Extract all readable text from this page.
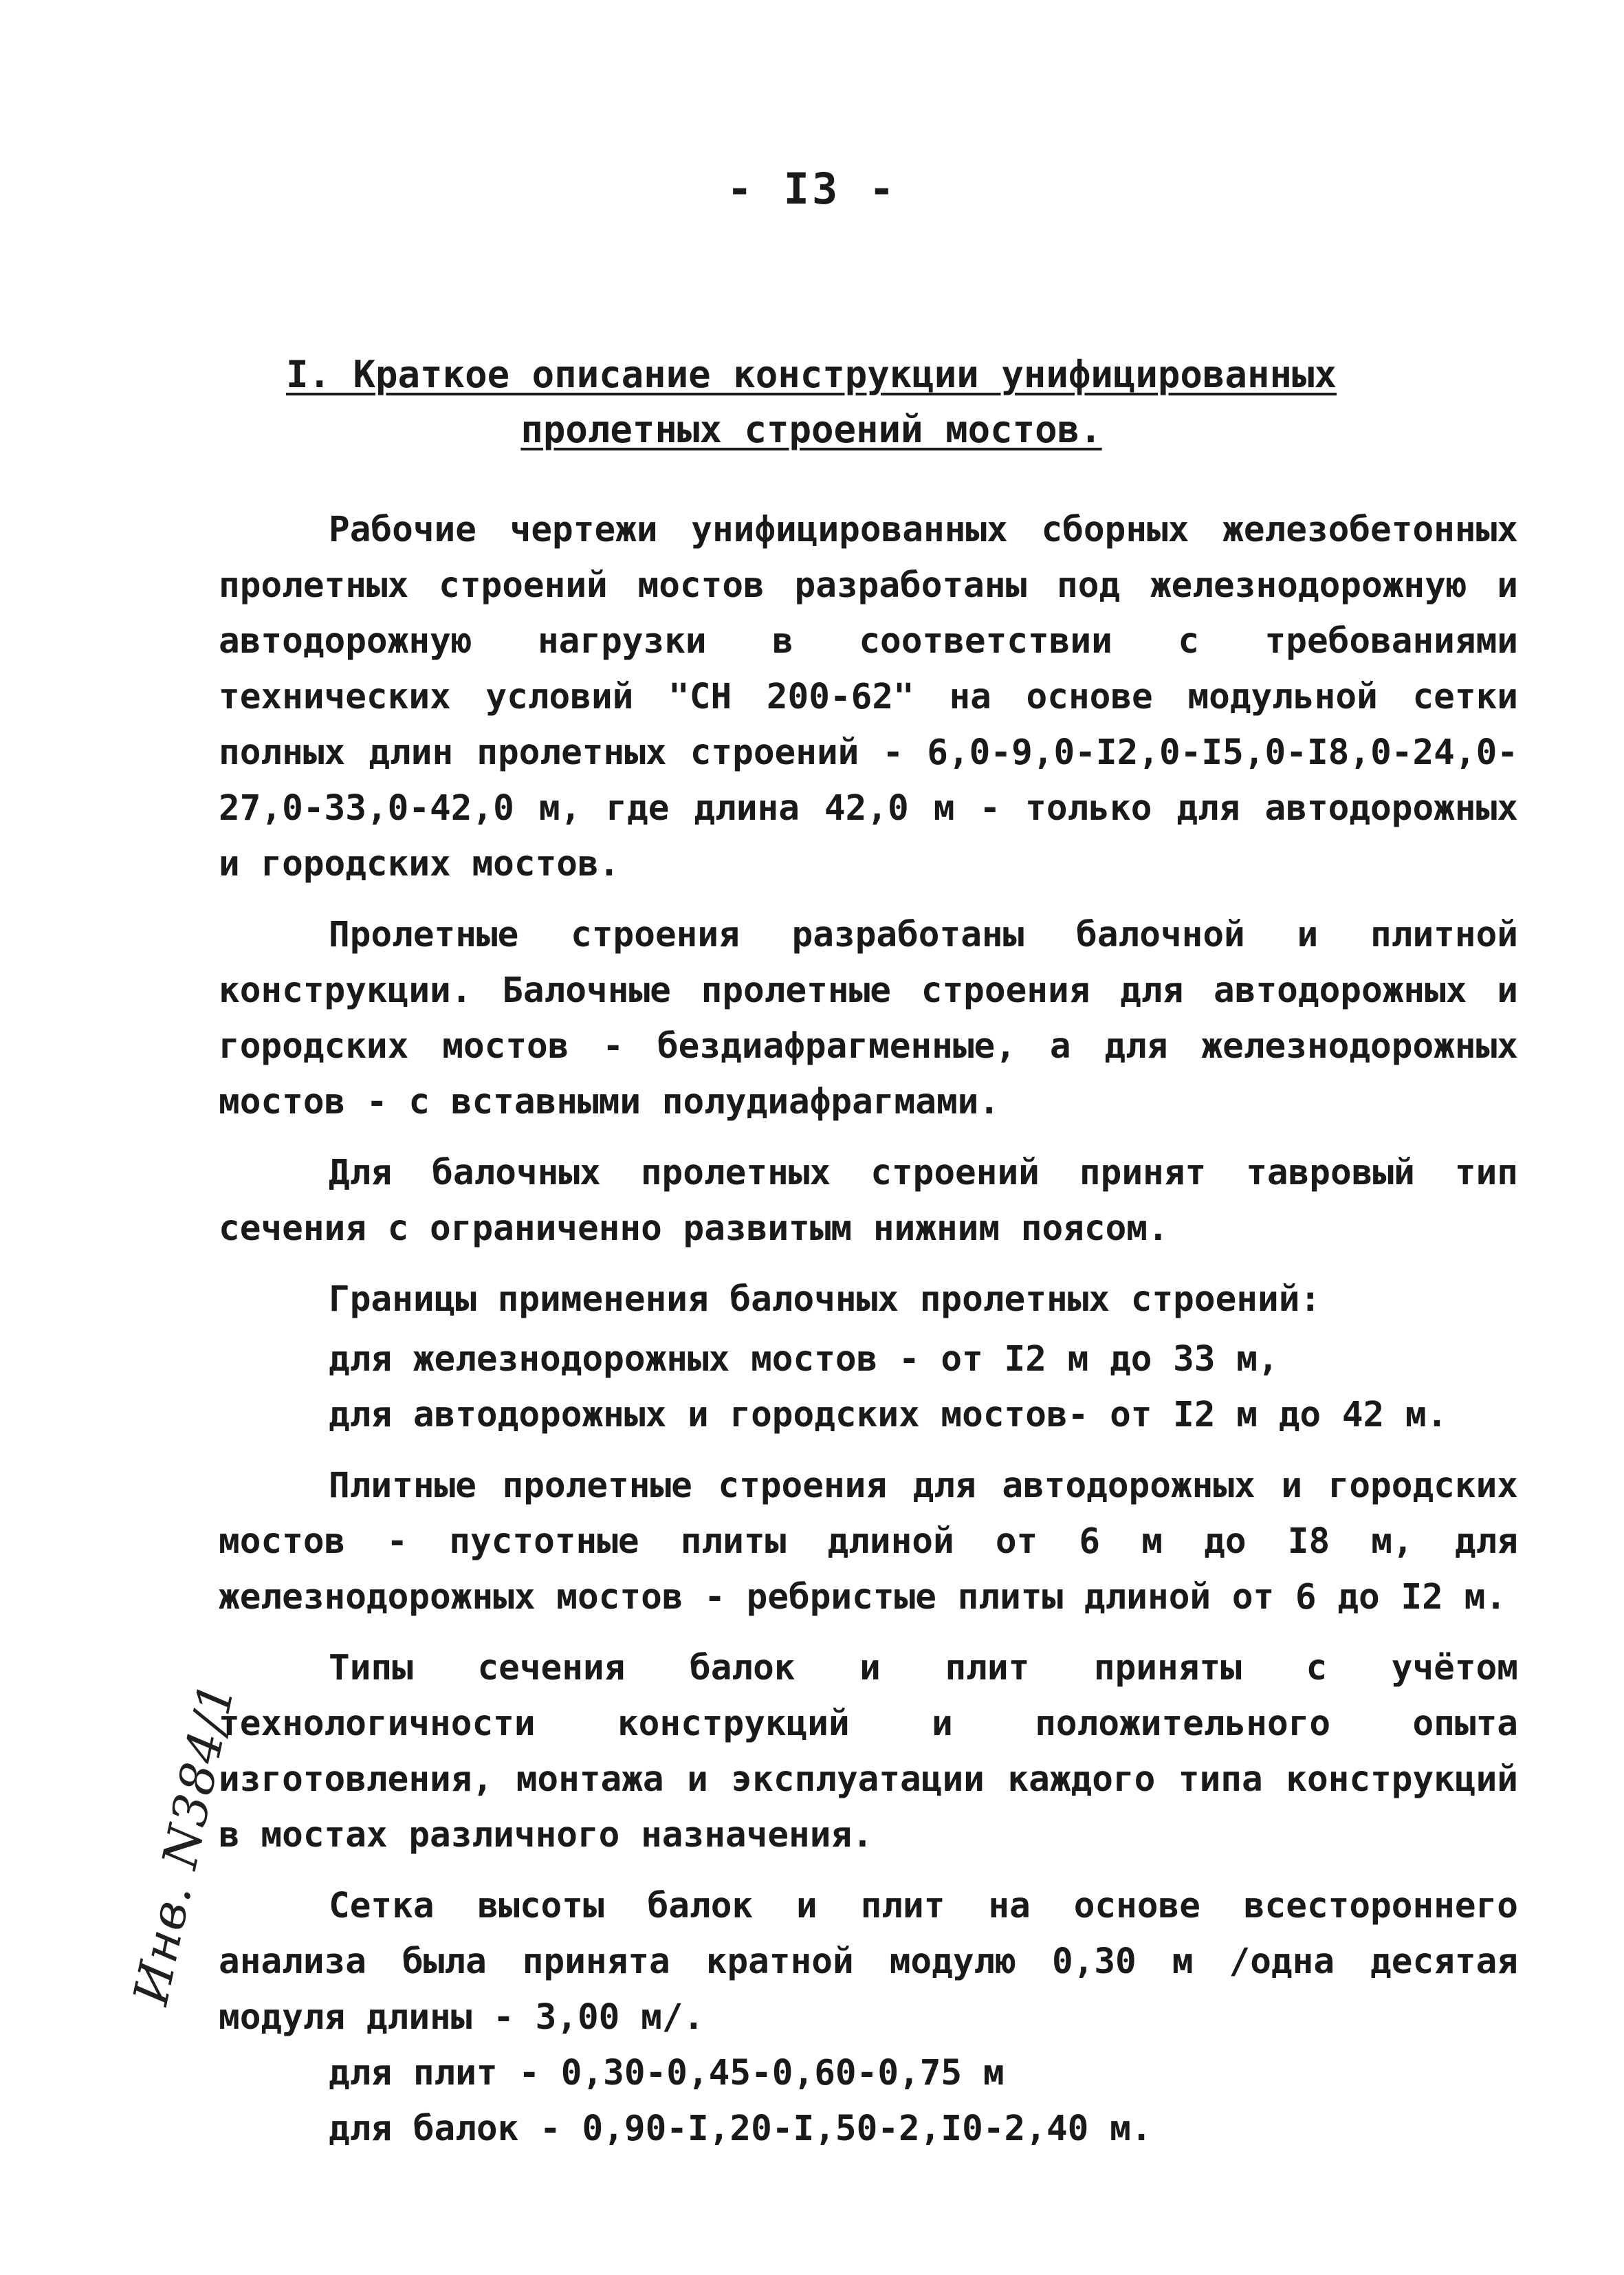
- I3 -
I. Краткое описание конструкции унифицированных
пролетных строений мостов.

Рабочие чертежи унифицированных сборных железобетонных пролетных строений мостов разработаны под железнодорожную и автодорожную нагрузки в соответствии с требованиями технических условий "СН 200-62" на основе модульной сетки полных длин пролетных строений - 6,0-9,0-I2,0-I5,0-I8,0-24,0-27,0-33,0-42,0 м, где длина 42,0 м - только для автодорожных и городских мостов.

Пролетные строения разработаны балочной и плитной конструкции. Балочные пролетные строения для автодорожных и городских мостов - бездиафрагменные, а для железнодорожных мостов - с вставными полудиафрагмами.

Для балочных пролетных строений принят тавровый тип сечения с ограниченно развитым нижним поясом.

Границы применения балочных пролетных строений:

для железнодорожных мостов - от I2 м до 33 м,

для автодорожных и городских мостов- от I2 м до 42 м.

Плитные пролетные строения для автодорожных и городских мостов - пустотные плиты длиной от 6 м до I8 м, для железнодорожных мостов - ребристые плиты длиной от 6 до I2 м.

Типы сечения балок и плит приняты с учётом технологичности конструкций и положительного опыта изготовления, монтажа и эксплуатации каждого типа конструкций в мостах различного назначения.

Сетка высоты балок и плит на основе всестороннего анализа была принята кратной модулю 0,30 м /одна десятая модуля длины - 3,00 м/.

для плит - 0,30-0,45-0,60-0,75 м

для балок - 0,90-I,20-I,50-2,I0-2,40 м.

Инв. N384/1
